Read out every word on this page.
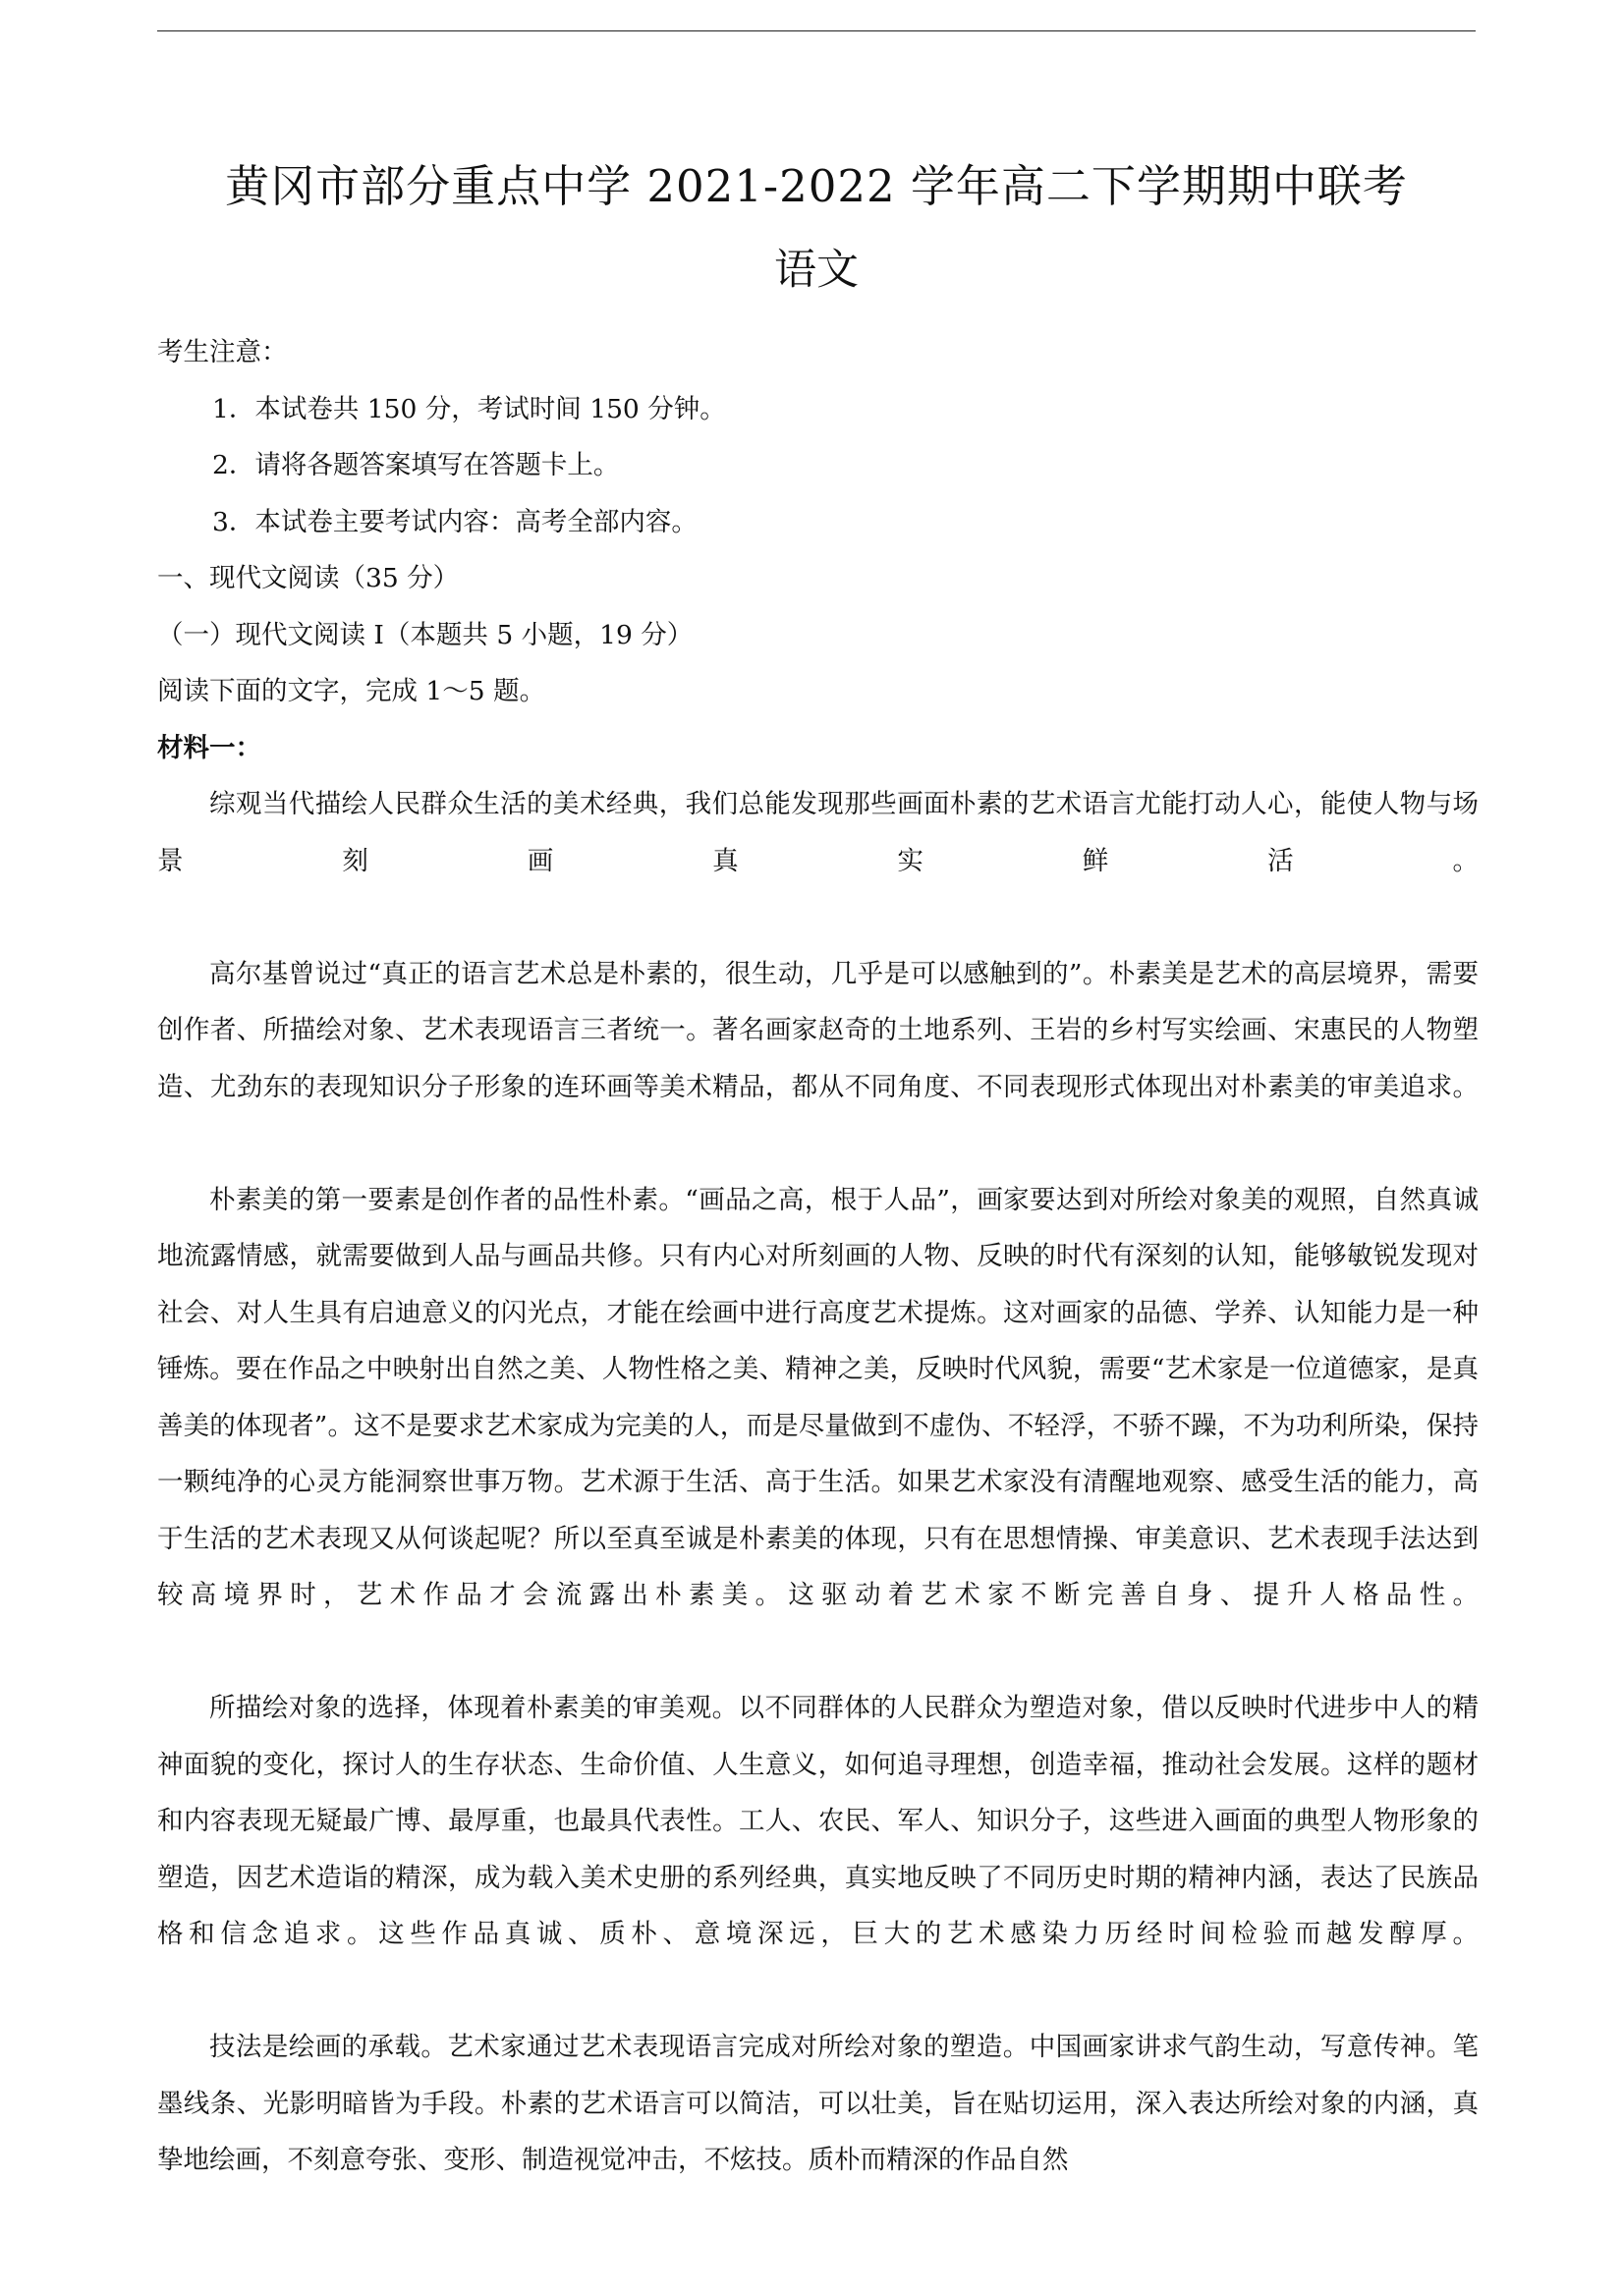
黄冈市部分重点中学 2021-2022 学年高二下学期期中联考
语文
考生注意：
1．本试卷共 150 分，考试时间 150 分钟。
2．请将各题答案填写在答题卡上。
3．本试卷主要考试内容：高考全部内容。
一、现代文阅读（35 分）
（一）现代文阅读 I（本题共 5 小题，19 分）
阅读下面的文字，完成 1～5 题。
材料一：

综观当代描绘人民群众生活的美术经典，我们总能发现那些画面朴素的艺术语言尤能打动人心，能使人物与场景刻画真实鲜活。

高尔基曾说过“真正的语言艺术总是朴素的，很生动，几乎是可以感触到的”。朴素美是艺术的高层境界，需要创作者、所描绘对象、艺术表现语言三者统一。著名画家赵奇的土地系列、王岩的乡村写实绘画、宋惠民的人物塑造、尤劲东的表现知识分子形象的连环画等美术精品，都从不同角度、不同表现形式体现出对朴素美的审美追求。

朴素美的第一要素是创作者的品性朴素。“画品之高，根于人品”，画家要达到对所绘对象美的观照，自然真诚地流露情感，就需要做到人品与画品共修。只有内心对所刻画的人物、反映的时代有深刻的认知，能够敏锐发现对社会、对人生具有启迪意义的闪光点，才能在绘画中进行高度艺术提炼。这对画家的品德、学养、认知能力是一种锤炼。要在作品之中映射出自然之美、人物性格之美、精神之美，反映时代风貌，需要“艺术家是一位道德家，是真善美的体现者”。这不是要求艺术家成为完美的人，而是尽量做到不虚伪、不轻浮，不骄不躁，不为功利所染，保持一颗纯净的心灵方能洞察世事万物。艺术源于生活、高于生活。如果艺术家没有清醒地观察、感受生活的能力，高于生活的艺术表现又从何谈起呢？所以至真至诚是朴素美的体现，只有在思想情操、审美意识、艺术表现手法达到较高境界时，艺术作品才会流露出朴素美。这驱动着艺术家不断完善自身、提升人格品性。

所描绘对象的选择，体现着朴素美的审美观。以不同群体的人民群众为塑造对象，借以反映时代进步中人的精神面貌的变化，探讨人的生存状态、生命价值、人生意义，如何追寻理想，创造幸福，推动社会发展。这样的题材和内容表现无疑最广博、最厚重，也最具代表性。工人、农民、军人、知识分子，这些进入画面的典型人物形象的塑造，因艺术造诣的精深，成为载入美术史册的系列经典，真实地反映了不同历史时期的精神内涵，表达了民族品格和信念追求。这些作品真诚、质朴、意境深远，巨大的艺术感染力历经时间检验而越发醇厚。

技法是绘画的承载。艺术家通过艺术表现语言完成对所绘对象的塑造。中国画家讲求气韵生动，写意传神。笔墨线条、光影明暗皆为手段。朴素的艺术语言可以简洁，可以壮美，旨在贴切运用，深入表达所绘对象的内涵，真挚地绘画，不刻意夸张、变形、制造视觉冲击，不炫技。质朴而精深的作品自然
